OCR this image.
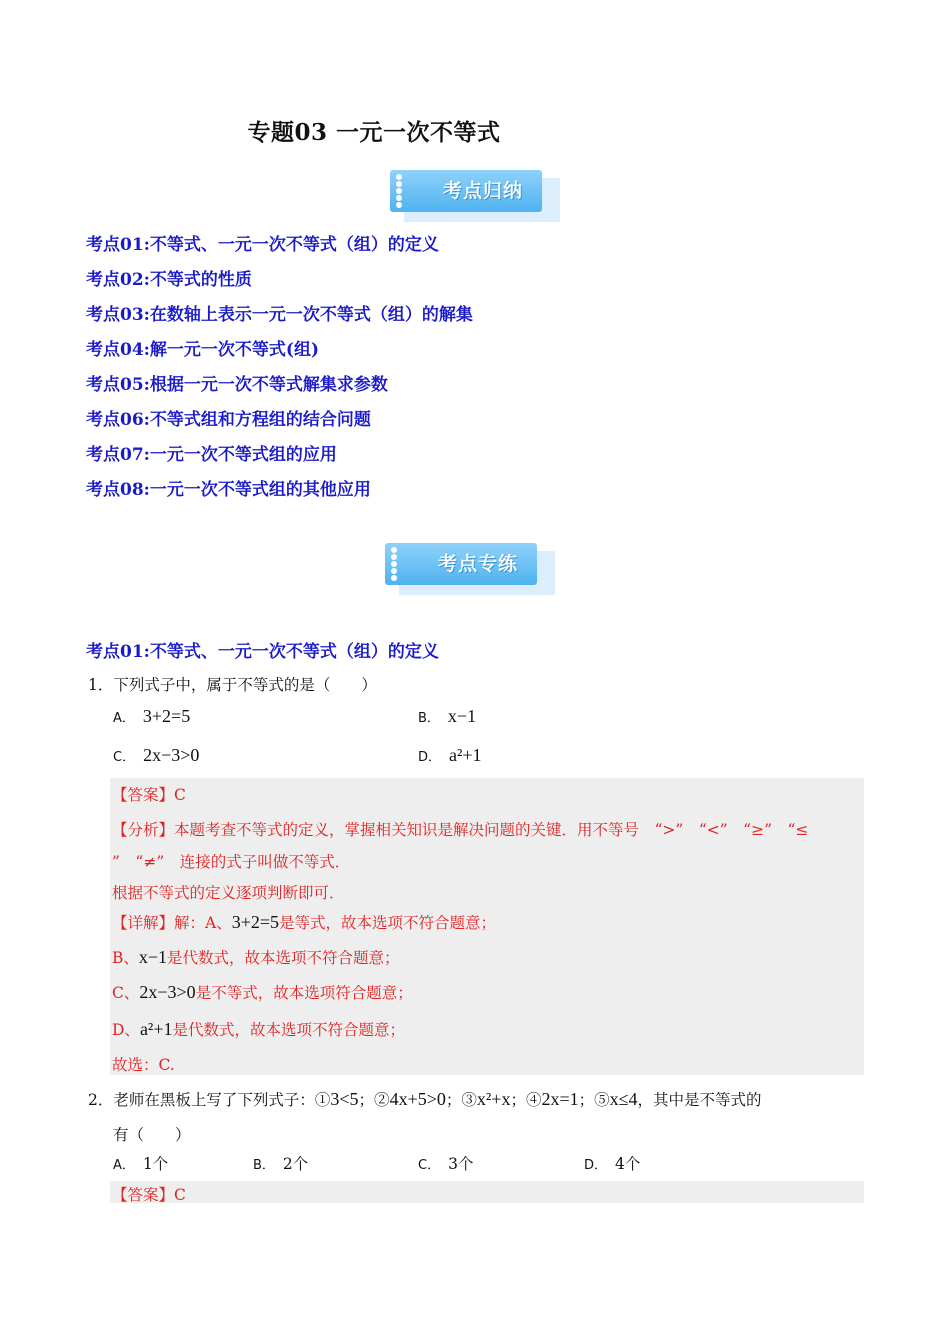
专题03 一元一次不等式
考点归纳
考点01:不等式、一元一次不等式（组）的定义
考点02:不等式的性质
考点03:在数轴上表示一元一次不等式（组）的解集
考点04:解一元一次不等式(组)
考点05:根据一元一次不等式解集求参数
考点06:不等式组和方程组的结合问题
考点07:一元一次不等式组的应用
考点08:一元一次不等式组的其他应用
考点专练
考点01:不等式、一元一次不等式（组）的定义
1．下列式子中，属于不等式的是（　　）
A． 3+2=5	B． x−1
C． 2x−3>0	D． a²+1
【答案】C
【分析】本题考查不等式的定义，掌握相关知识是解决问题的关键．用不等号　“>”　“<”　“≥”　“≤
”　“≠”　连接的式子叫做不等式．
根据不等式的定义逐项判断即可．
【详解】解：A、3+2=5是等式，故本选项不符合题意；
B、x−1是代数式，故本选项不符合题意；
C、2x−3>0是不等式，故本选项符合题意；
D、a²+1是代数式，故本选项不符合题意；
故选：C.
2．老师在黑板上写了下列式子：①3<5；②4x+5>0；③x²+x；④2x=1；⑤x≤4，其中是不等式的
有（　　）
A． 1个	B． 2个	C． 3个	D． 4个
【答案】C
